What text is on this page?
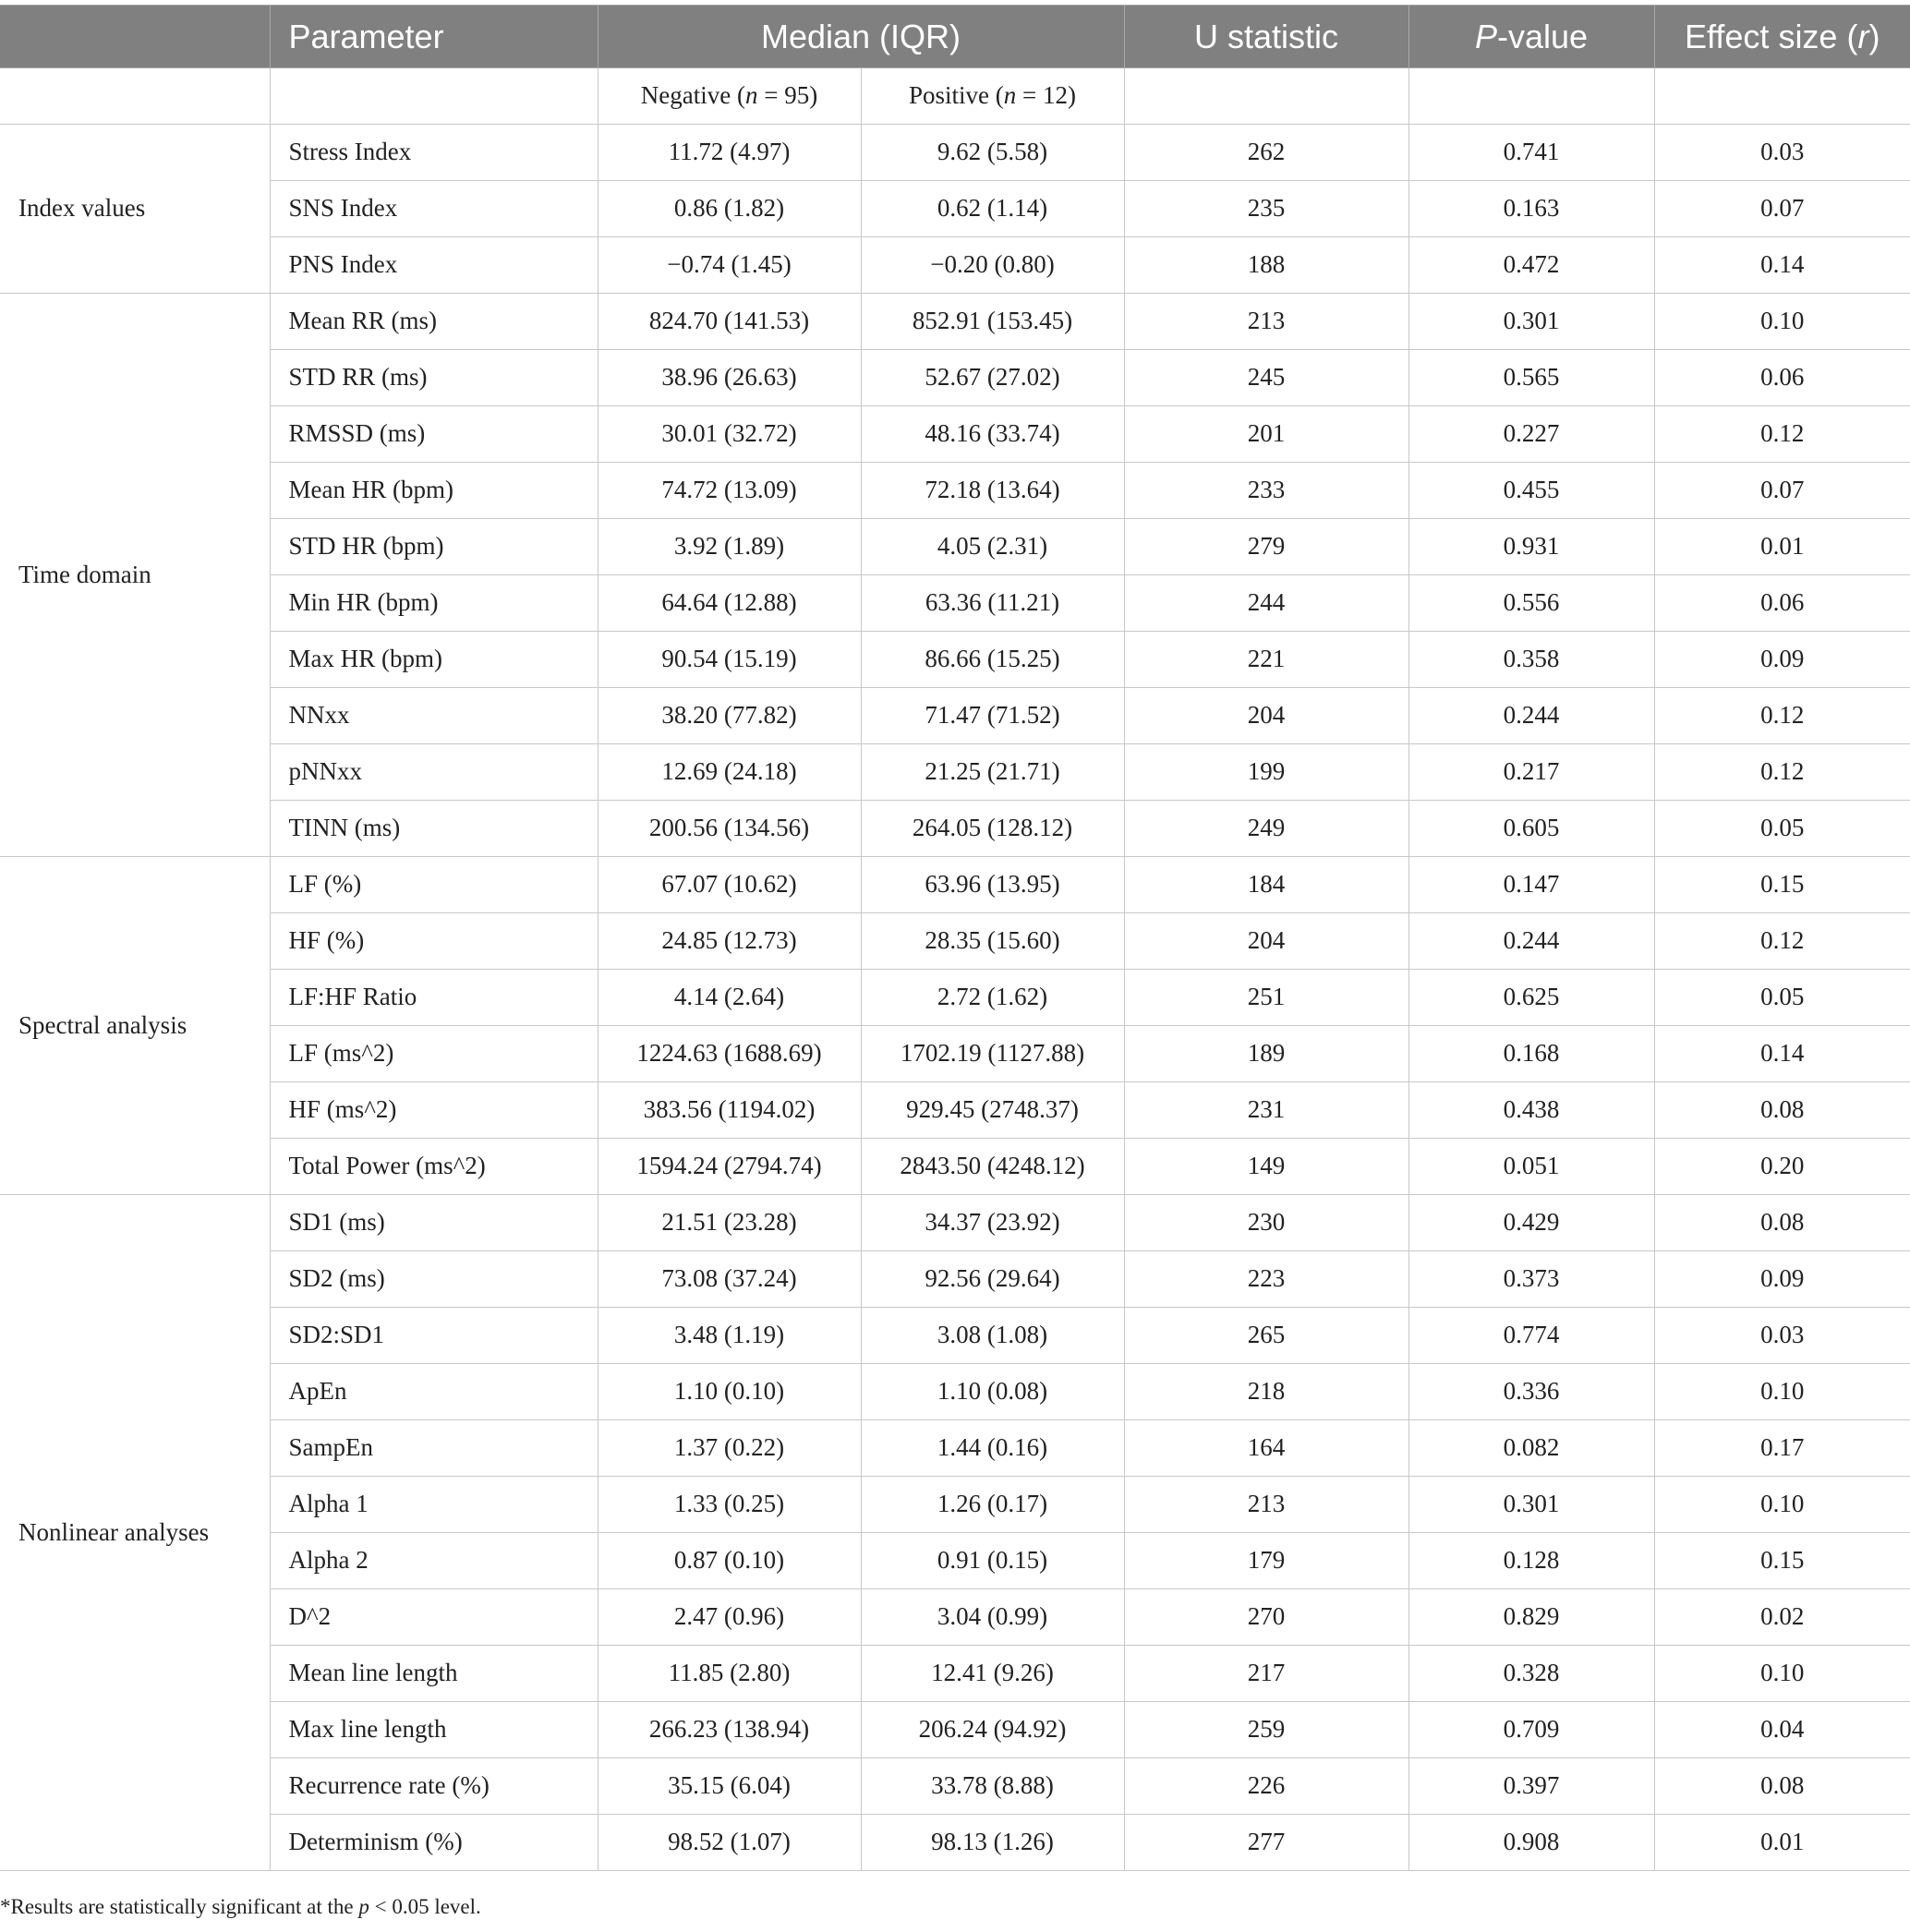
	Parameter	Median (IQR)		U statistic	P-value	Effect size (r)
		Negative (n = 95)	Positive (n = 12)			
Index values	Stress Index	11.72 (4.97)	9.62 (5.58)	262	0.741	0.03
	SNS Index	0.86 (1.82)	0.62 (1.14)	235	0.163	0.07
	PNS Index	−0.74 (1.45)	−0.20 (0.80)	188	0.472	0.14
Time domain	Mean RR (ms)	824.70 (141.53)	852.91 (153.45)	213	0.301	0.10
	STD RR (ms)	38.96 (26.63)	52.67 (27.02)	245	0.565	0.06
	RMSSD (ms)	30.01 (32.72)	48.16 (33.74)	201	0.227	0.12
	Mean HR (bpm)	74.72 (13.09)	72.18 (13.64)	233	0.455	0.07
	STD HR (bpm)	3.92 (1.89)	4.05 (2.31)	279	0.931	0.01
	Min HR (bpm)	64.64 (12.88)	63.36 (11.21)	244	0.556	0.06
	Max HR (bpm)	90.54 (15.19)	86.66 (15.25)	221	0.358	0.09
	NNxx	38.20 (77.82)	71.47 (71.52)	204	0.244	0.12
	pNNxx	12.69 (24.18)	21.25 (21.71)	199	0.217	0.12
	TINN (ms)	200.56 (134.56)	264.05 (128.12)	249	0.605	0.05
Spectral analysis	LF (%)	67.07 (10.62)	63.96 (13.95)	184	0.147	0.15
	HF (%)	24.85 (12.73)	28.35 (15.60)	204	0.244	0.12
	LF:HF Ratio	4.14 (2.64)	2.72 (1.62)	251	0.625	0.05
	LF (ms^2)	1224.63 (1688.69)	1702.19 (1127.88)	189	0.168	0.14
	HF (ms^2)	383.56 (1194.02)	929.45 (2748.37)	231	0.438	0.08
	Total Power (ms^2)	1594.24 (2794.74)	2843.50 (4248.12)	149	0.051	0.20
Nonlinear analyses	SD1 (ms)	21.51 (23.28)	34.37 (23.92)	230	0.429	0.08
	SD2 (ms)	73.08 (37.24)	92.56 (29.64)	223	0.373	0.09
	SD2:SD1	3.48 (1.19)	3.08 (1.08)	265	0.774	0.03
	ApEn	1.10 (0.10)	1.10 (0.08)	218	0.336	0.10
	SampEn	1.37 (0.22)	1.44 (0.16)	164	0.082	0.17
	Alpha 1	1.33 (0.25)	1.26 (0.17)	213	0.301	0.10
	Alpha 2	0.87 (0.10)	0.91 (0.15)	179	0.128	0.15
	D^2	2.47 (0.96)	3.04 (0.99)	270	0.829	0.02
	Mean line length	11.85 (2.80)	12.41 (9.26)	217	0.328	0.10
	Max line length	266.23 (138.94)	206.24 (94.92)	259	0.709	0.04
	Recurrence rate (%)	35.15 (6.04)	33.78 (8.88)	226	0.397	0.08
	Determinism (%)	98.52 (1.07)	98.13 (1.26)	277	0.908	0.01
*Results are statistically significant at the p < 0.05 level.
